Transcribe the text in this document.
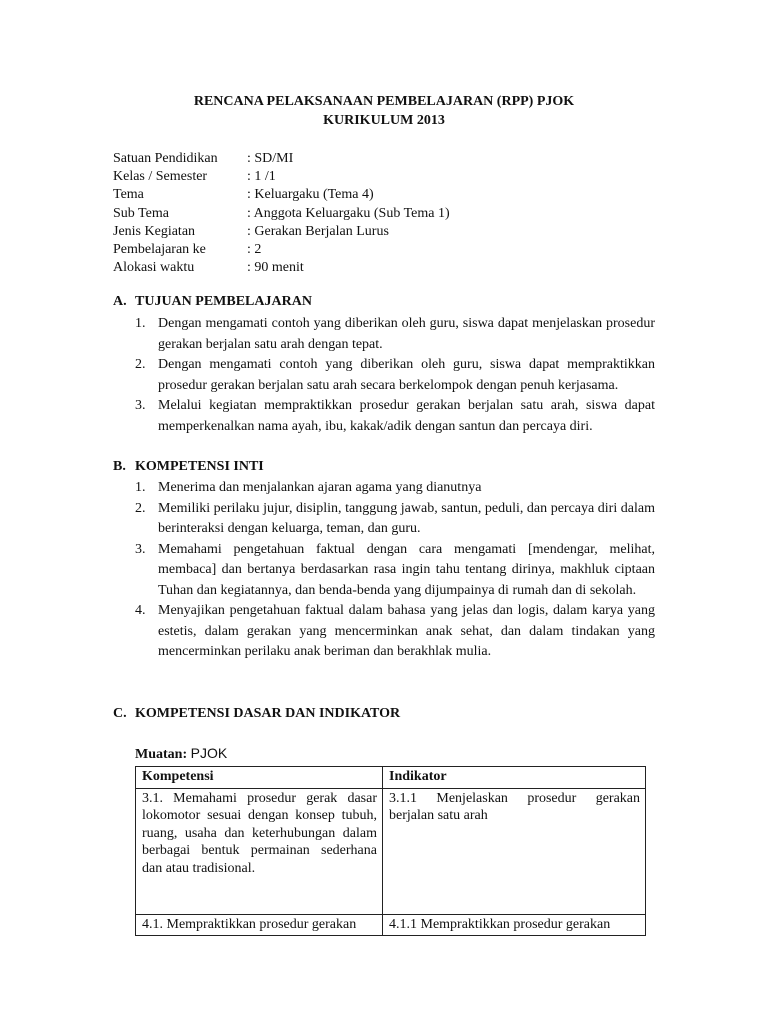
RENCANA PELAKSANAAN PEMBELAJARAN (RPP) PJOK
KURIKULUM 2013
Satuan Pendidikan : SD/MI
Kelas / Semester	: 1 /1
Tema	: Keluargaku (Tema 4)
Sub Tema	: Anggota Keluargaku (Sub Tema 1)
Jenis Kegiatan	: Gerakan Berjalan Lurus
Pembelajaran ke	: 2
Alokasi waktu	: 90 menit
A. TUJUAN PEMBELAJARAN
1. Dengan mengamati contoh yang diberikan oleh guru, siswa dapat menjelaskan prosedur gerakan berjalan satu arah dengan tepat.
2. Dengan mengamati contoh yang diberikan oleh guru, siswa dapat mempraktikkan prosedur gerakan berjalan satu arah secara berkelompok dengan penuh kerjasama.
3. Melalui kegiatan mempraktikkan prosedur gerakan berjalan satu arah, siswa dapat memperkenalkan nama ayah, ibu, kakak/adik dengan santun dan percaya diri.
B. KOMPETENSI INTI
1. Menerima dan menjalankan ajaran agama yang dianutnya
2. Memiliki perilaku jujur, disiplin, tanggung jawab, santun, peduli, dan percaya diri dalam berinteraksi dengan keluarga, teman, dan guru.
3. Memahami pengetahuan faktual dengan cara mengamati [mendengar, melihat, membaca] dan bertanya berdasarkan rasa ingin tahu tentang dirinya, makhluk ciptaan Tuhan dan kegiatannya, dan benda-benda yang dijumpainya di rumah dan di sekolah.
4. Menyajikan pengetahuan faktual dalam bahasa yang jelas dan logis, dalam karya yang estetis, dalam gerakan yang mencerminkan anak sehat, dan dalam tindakan yang mencerminkan perilaku anak beriman dan berakhlak mulia.
C. KOMPETENSI DASAR DAN INDIKATOR
Muatan: PJOK
Kompetensi	Indikator
3.1. Memahami prosedur gerak dasar lokomotor sesuai dengan konsep tubuh, ruang, usaha dan keterhubungan dalam berbagai bentuk permainan sederhana dan atau tradisional.	3.1.1 Menjelaskan prosedur gerakan berjalan satu arah
4.1. Mempraktikkan prosedur gerakan	4.1.1 Mempraktikkan prosedur gerakan
